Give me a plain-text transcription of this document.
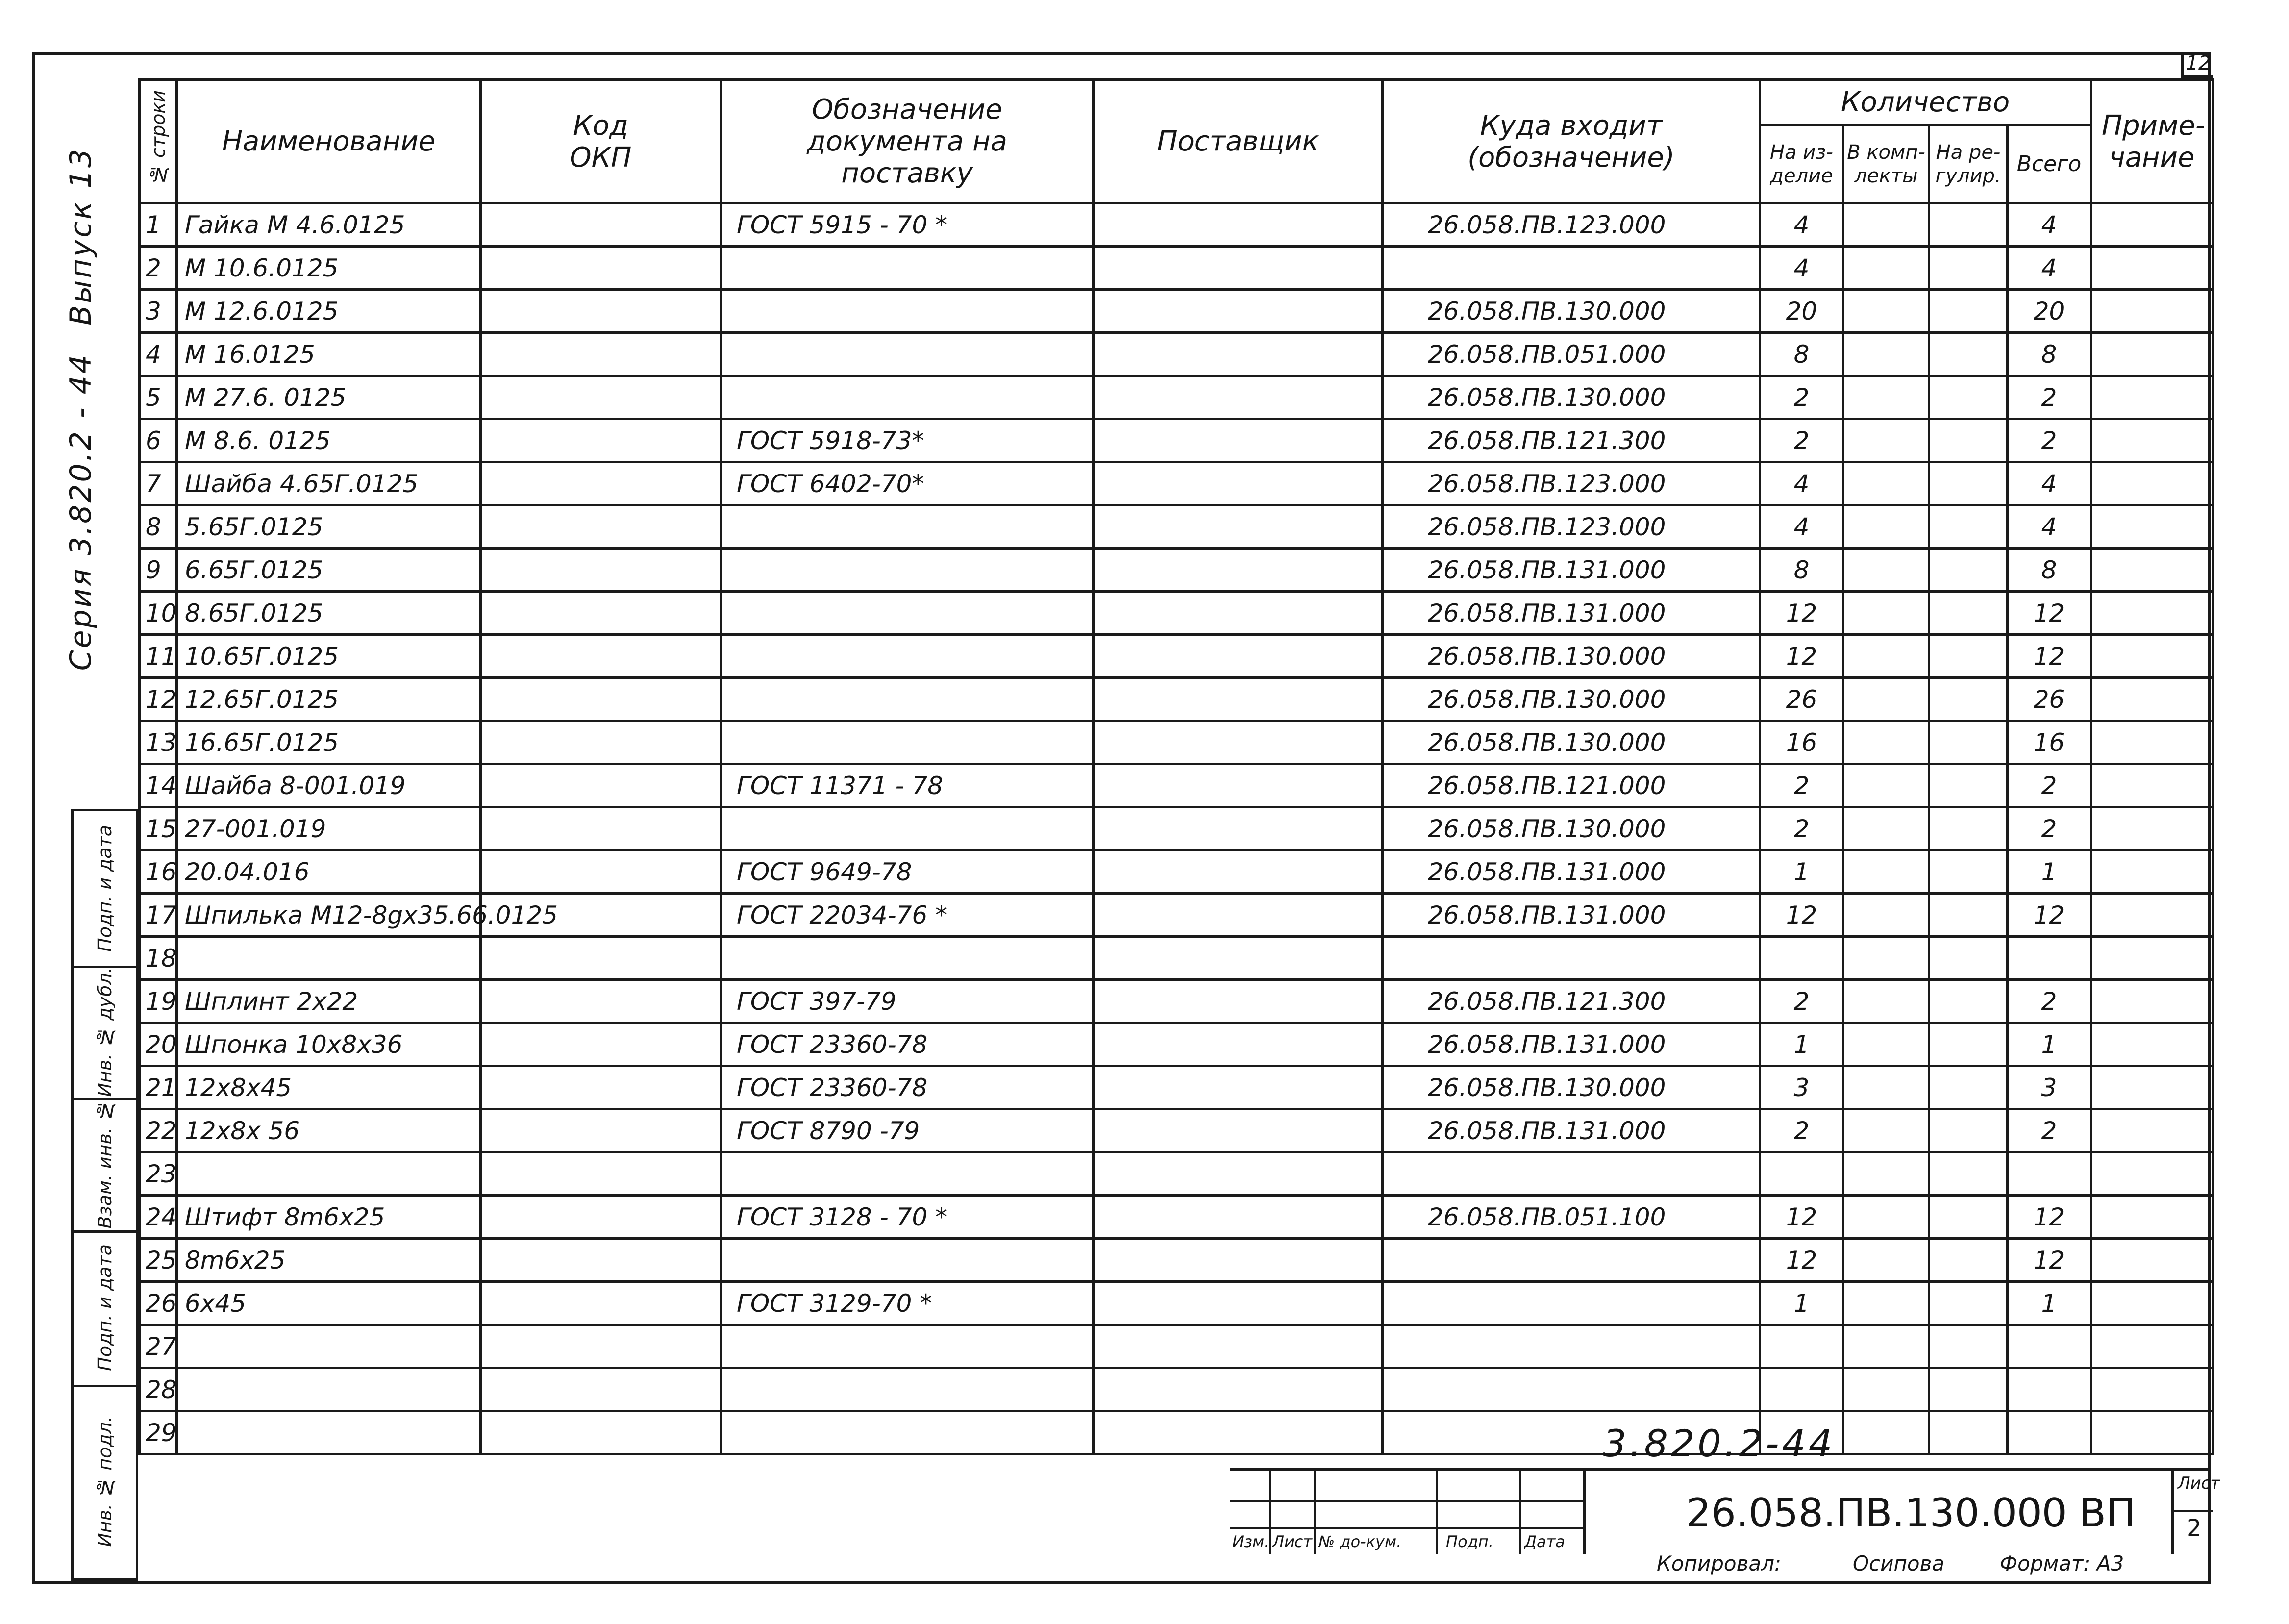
12
Выпуск 13
Серия 3.820.2 - 44
Подп. и дата
Инв. № дубл.
Взам. инв. №
Подп. и дата
Инв. № подл.
№ строки	Наименование	Код ОКП	Обозначение документа на поставку	Поставщик	Куда входит (обозначение)	Количество				Приме-чание
						На из-делие	В комп-лекты	На ре-гулир.	Всего	
1	Гайка М 4.6.0125		ГОСТ 5915 - 70 *		26.058.ПВ.123.000	4			4	
2	М 10.6.0125					4			4	
3	М 12.6.0125				26.058.ПВ.130.000	20			20	
4	М 16.0125				26.058.ПВ.051.000	8			8	
5	М 27.6. 0125				26.058.ПВ.130.000	2			2	
6	М 8.6. 0125		ГОСТ 5918-73*		26.058.ПВ.121.300	2			2	
7	Шайба 4.65Г.0125		ГОСТ 6402-70*		26.058.ПВ.123.000	4			4	
8	5.65Г.0125				26.058.ПВ.123.000	4			4	
9	6.65Г.0125				26.058.ПВ.131.000	8			8	
10	8.65Г.0125				26.058.ПВ.131.000	12			12	
11	10.65Г.0125				26.058.ПВ.130.000	12			12	
12	12.65Г.0125				26.058.ПВ.130.000	26			26	
13	16.65Г.0125				26.058.ПВ.130.000	16			16	
14	Шайба 8-001.019		ГОСТ 11371 - 78		26.058.ПВ.121.000	2			2	
15	27-001.019				26.058.ПВ.130.000	2			2	
16	20.04.016		ГОСТ 9649-78		26.058.ПВ.131.000	1			1	
17	Шпилька М12-8gх35.66.0125		ГОСТ 22034-76 *		26.058.ПВ.131.000	12			12	
18										
19	Шплинт 2х22		ГОСТ 397-79		26.058.ПВ.121.300	2			2	
20	Шпонка 10х8х36		ГОСТ 23360-78		26.058.ПВ.131.000	1			1	
21	12х8х45		ГОСТ 23360-78		26.058.ПВ.130.000	3			3	
22	12х8х 56		ГОСТ 8790 -79		26.058.ПВ.131.000	2			2	
23										
24	Штифт 8m6х25		ГОСТ 3128 - 70 *		26.058.ПВ.051.100	12			12	
25	8m6х25					12			12	
26	6х45		ГОСТ 3129-70 *			1			1	
27										
28										
29											3.820.2-44
Изм. Лист № до-кум.	Подп. Дата
26.058.ПВ.130.000 ВП
Лист
2
Копировал:	Осипова	Формат: А3
